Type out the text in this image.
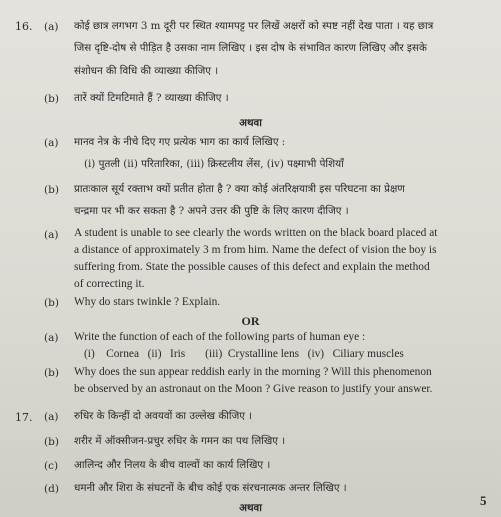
16. (a) कोई छात्र लगभग 3 m दूरी पर स्थित श्यामपट्ट पर लिखें अक्षरों को स्पष्ट नहीं देख पाता । यह छात्र
जिस दृष्टि-दोष से पीड़ित है उसका नाम लिखिए । इस दोष के संभावित कारण लिखिए और इसके
संशोधन की विधि की व्याख्या कीजिए ।
(b) तारें क्यों टिमटिमाते हैं ? व्याख्या कीजिए ।
अथवा
(a) मानव नेत्र के नीचे दिए गए प्रत्येक भाग का कार्य लिखिए :
(i) पुतली (ii) परितारिका, (iii) क्रिस्टलीय लेंस, (iv) पक्ष्माभी पेशियाँ
(b) प्रातःकाल सूर्य रक्ताभ क्यों प्रतीत होता है ? क्या कोई अंतरिक्षयात्री इस परिघटना का प्रेक्षण
चन्द्रमा पर भी कर सकता है ? अपने उत्तर की पुष्टि के लिए कारण दीजिए ।
(a) A student is unable to see clearly the words written on the black board placed at
a distance of approximately 3 m from him. Name the defect of vision the boy is
suffering from. State the possible causes of this defect and explain the method
of correcting it.
(b) Why do stars twinkle ? Explain.
OR
(a) Write the function of each of the following parts of human eye :
(i)    Cornea   (ii)   Iris       (iii)  Crystalline lens   (iv)   Ciliary muscles
(b) Why does the sun appear reddish early in the morning ? Will this phenomenon
be observed by an astronaut on the Moon ? Give reason to justify your answer.
17. (a) रुधिर के किन्हीं दो अवयवों का उल्लेख कीजिए ।
(b) शरीर में ऑक्सीजन-प्रचुर रुधिर के गमन का पथ लिखिए ।
(c) आलिन्द और निलय के बीच वाल्वों का कार्य लिखिए ।
(d) धमनी और शिरा के संघटनों के बीच कोई एक संरचनात्मक अन्तर लिखिए ।
अथवा	5
